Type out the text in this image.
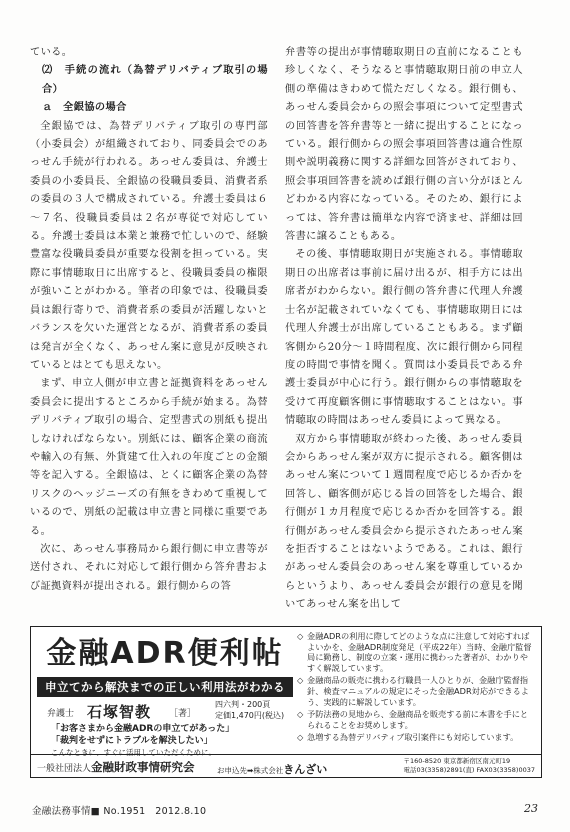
ている。

⑵　手続の流れ（為替デリバティブ取引の場合）

ａ　全銀協の場合

全銀協では、為替デリバティブ取引の専門部（小委員会）が組織されており、同委員会でのあっせん手続が行われる。あっせん委員は、弁護士委員の小委員長、全銀協の役職員委員、消費者系の委員の３人で構成されている。弁護士委員は６～７名、役職員委員は２名が専従で対応している。弁護士委員は本業と兼務で忙しいので、経験豊富な役職員委員が重要な役割を担っている。実際に事情聴取日に出席すると、役職員委員の権限が強いことがわかる。筆者の印象では、役職員委員は銀行寄りで、消費者系の委員が活躍しないとバランスを欠いた運営となるが、消費者系の委員は発言が全くなく、あっせん案に意見が反映されているとはとても思えない。

まず、申立人側が申立書と証拠資料をあっせん委員会に提出するところから手続が始まる。為替デリバティブ取引の場合、定型書式の別紙も提出しなければならない。別紙には、顧客企業の商流や輸入の有無、外貨建て仕入れの年度ごとの金額等を記入する。全銀協は、とくに顧客企業の為替リスクのヘッジニーズの有無をきわめて重視しているので、別紙の記載は申立書と同様に重要である。

次に、あっせん事務局から銀行側に申立書等が送付され、それに対応して銀行側から答弁書および証拠資料が提出される。銀行側からの答

弁書等の提出が事情聴取期日の直前になることも珍しくなく、そうなると事情聴取期日前の申立人側の準備はきわめて慌ただしくなる。銀行側も、あっせん委員会からの照会事項について定型書式の回答書を答弁書等と一緒に提出することになっている。銀行側からの照会事項回答書は適合性原則や説明義務に関する詳細な回答がされており、照会事項回答書を読めば銀行側の言い分がほとんどわかる内容になっている。そのため、銀行によっては、答弁書は簡単な内容で済ませ、詳細は回答書に譲ることもある。

その後、事情聴取期日が実施される。事情聴取期日の出席者は事前に届け出るが、相手方には出席者がわからない。銀行側の答弁書に代理人弁護士名が記載されていなくても、事情聴取期日には代理人弁護士が出席していることもある。まず顧客側から20分～１時間程度、次に銀行側から同程度の時間で事情を聞く。質問は小委員長である弁護士委員が中心に行う。銀行側からの事情聴取を受けて再度顧客側に事情聴取することはない。事情聴取の時間はあっせん委員によって異なる。

双方から事情聴取が終わった後、あっせん委員会からあっせん案が双方に提示される。顧客側はあっせん案について１週間程度で応じるか否かを回答し、顧客側が応じる旨の回答をした場合、銀行側が１カ月程度で応じるか否かを回答する。銀行側があっせん委員会から提示されたあっせん案を拒否することはないようである。これは、銀行があっせん委員会のあっせん案を尊重しているからというより、あっせん委員会が銀行の意見を聞いてあっせん案を出して

金融ADR便利帖
申立てから解決までの正しい利用法がわかる
弁護士 石塚智教 ［著］
四六判・200頁
定価1,470円(税込)
「お客さまから金融ADRの申立てがあった」
「裁判をせずにトラブルを解決したい」
こんなときに、すぐに活用していただくために。
◇ 金融ADRの利用に際してどのような点に注意して対応すればよいかを、金融ADR制度発足（平成22年）当時、金融庁監督局に勤務し、制度の立案・運用に携わった著者が、わかりやすく解説しています。
◇ 金融商品の販売に携わる行職員一人ひとりが、金融庁監督指針、検査マニュアルの規定にそった金融ADR対応ができるよう、実践的に解説しています。
◇ 予防法務の見地から、金融商品を販売する前に本書を手にとられることをお奨めします。
◇ 急増する為替デリバティブ取引案件にも対応しています。
一般社団法人金融財政事情研究会	お申込先➡株式会社きんざい
〒160-8520 東京都新宿区南元町19
電話03(3358)2891(直) FAX03(3358)0037
金融法務事情■ No.1951　2012.8.10	23
